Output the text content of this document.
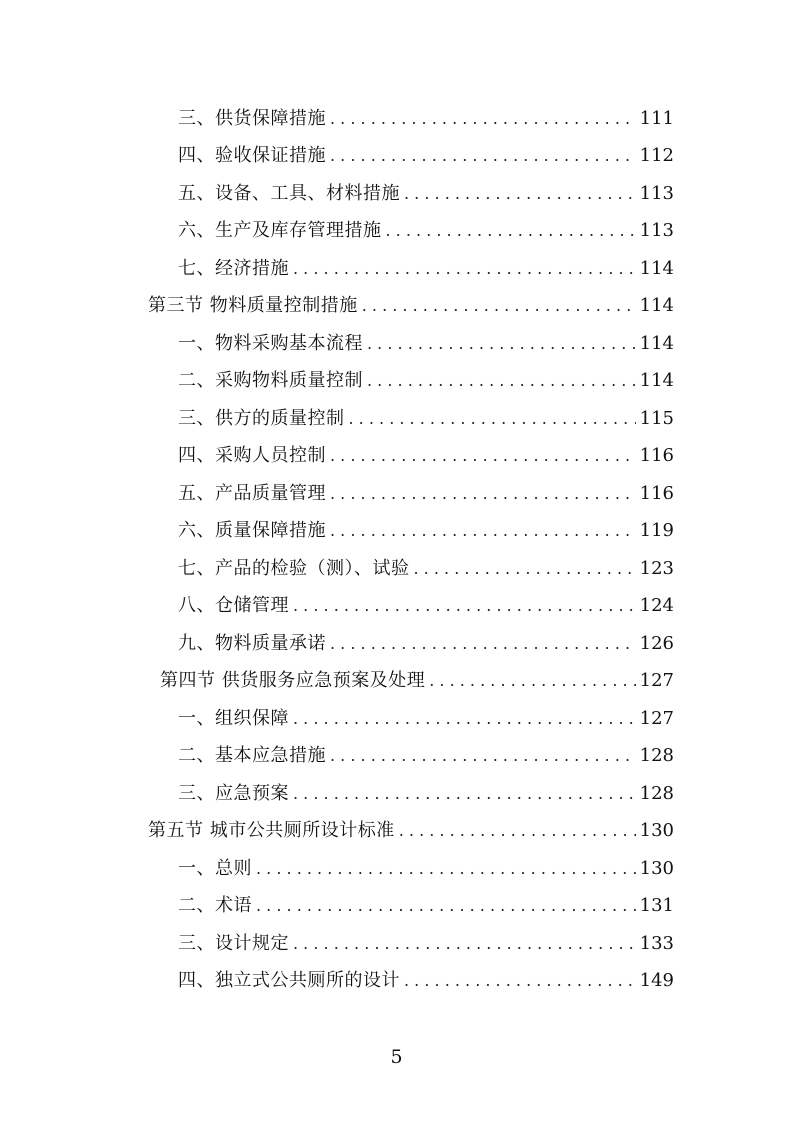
三、供货保障措施 . . .	111
四、验收保证措施 . . .	112
五、设备、工具、材料措施 . . .	113
六、生产及库存管理措施 . . .	113
七、经济措施 . . .	114
第三节 物料质量控制措施 . . .	114
一、物料采购基本流程 . . .	114
二、采购物料质量控制 . . .	114
三、供方的质量控制 . . .	115
四、采购人员控制 . . .	116
五、产品质量管理 . . .	116
六、质量保障措施 . . .	119
七、产品的检验（测）、试验 . . .	123
八、仓储管理 . . .	124
九、物料质量承诺 . . .	126
第四节 供货服务应急预案及处理 . . .	127
一、组织保障 . . .	127
二、基本应急措施 . . .	128
三、应急预案 . . .	128
第五节 城市公共厕所设计标准 . . .	130
一、总则 . . .	130
二、术语 . . .	131
三、设计规定 . . .	133
四、独立式公共厕所的设计 . . .	149
5
